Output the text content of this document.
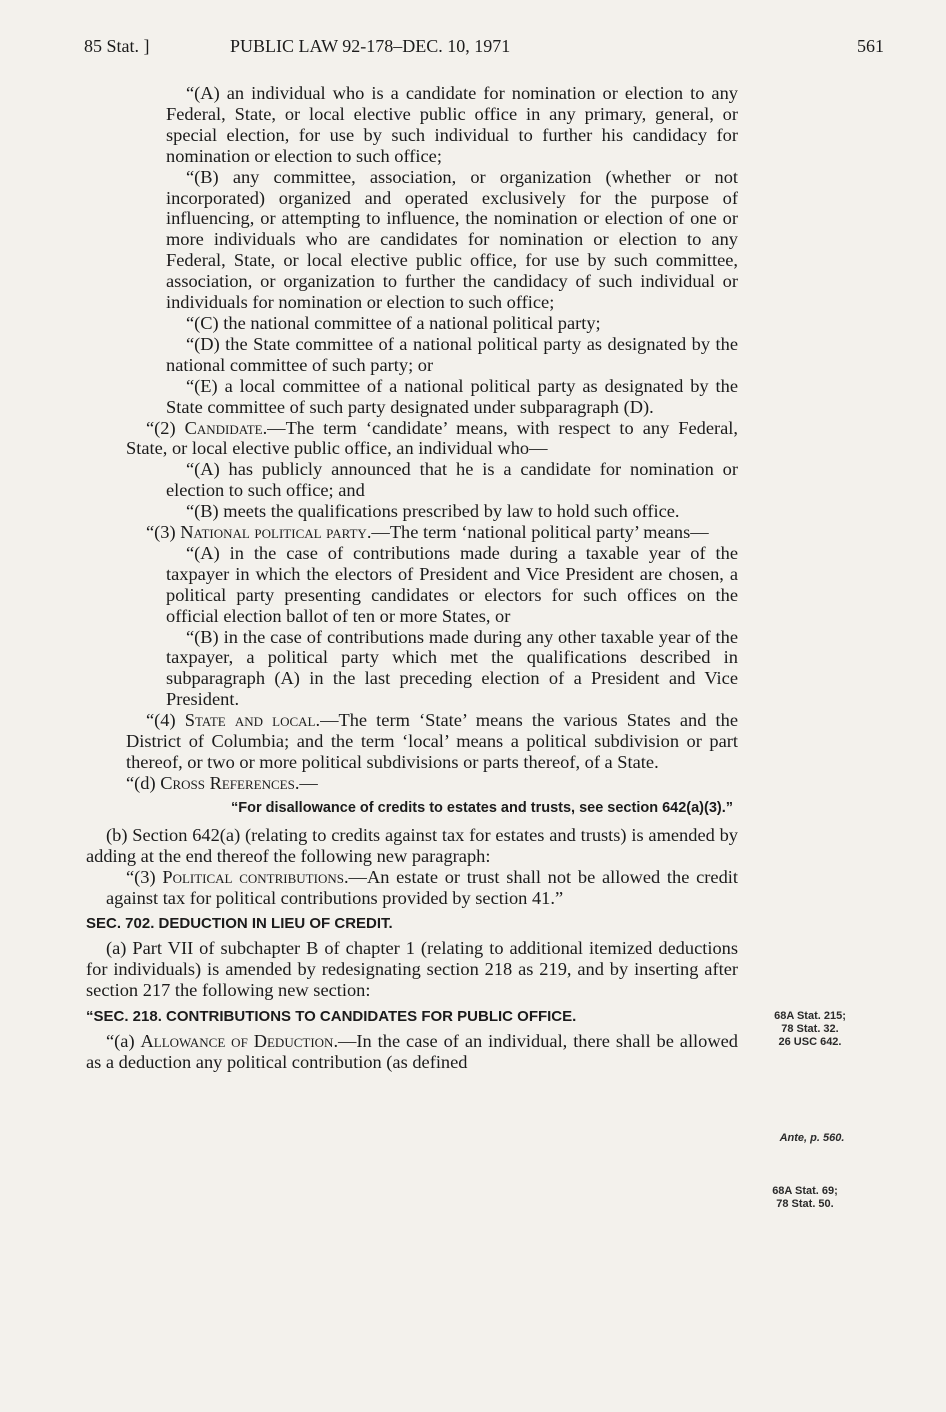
85 Stat. ]	PUBLIC LAW 92-178–DEC. 10, 1971	561

“(A) an individual who is a candidate for nomination or election to any Federal, State, or local elective public office in any primary, general, or special election, for use by such individual to further his candidacy for nomination or election to such office;

“(B) any committee, association, or organization (whether or not incorporated) organized and operated exclusively for the purpose of influencing, or attempting to influence, the nomination or election of one or more individuals who are candidates for nomination or election to any Federal, State, or local elective public office, for use by such committee, association, or organization to further the candidacy of such individual or individuals for nomination or election to such office;

“(C) the national committee of a national political party;

“(D) the State committee of a national political party as designated by the national committee of such party; or

“(E) a local committee of a national political party as designated by the State committee of such party designated under subparagraph (D).

“(2) Candidate.—The term ‘candidate’ means, with respect to any Federal, State, or local elective public office, an individual who—

“(A) has publicly announced that he is a candidate for nomination or election to such office; and

“(B) meets the qualifications prescribed by law to hold such office.

“(3) National political party.—The term ‘national political party’ means—

“(A) in the case of contributions made during a taxable year of the taxpayer in which the electors of President and Vice President are chosen, a political party presenting candidates or electors for such offices on the official election ballot of ten or more States, or

“(B) in the case of contributions made during any other taxable year of the taxpayer, a political party which met the qualifications described in subparagraph (A) in the last preceding election of a President and Vice President.

“(4) State and local.—The term ‘State’ means the various States and the District of Columbia; and the term ‘local’ means a political subdivision or part thereof, or two or more political subdivisions or parts thereof, of a State.

“(d) Cross References.—

“For disallowance of credits to estates and trusts, see section 642(a)(3).”

(b) Section 642(a) (relating to credits against tax for estates and trusts) is amended by adding at the end thereof the following new paragraph:

“(3) Political contributions.—An estate or trust shall not be allowed the credit against tax for political contributions provided by section 41.”

SEC. 702. DEDUCTION IN LIEU OF CREDIT.

(a) Part VII of subchapter B of chapter 1 (relating to additional itemized deductions for individuals) is amended by redesignating section 218 as 219, and by inserting after section 217 the following new section:

“SEC. 218. CONTRIBUTIONS TO CANDIDATES FOR PUBLIC OFFICE.

“(a) Allowance of Deduction.—In the case of an individual, there shall be allowed as a deduction any political contribution (as defined

68A Stat. 215;
78 Stat. 32.
26 USC 642.
Ante, p. 560.
68A Stat. 69;
78 Stat. 50.
